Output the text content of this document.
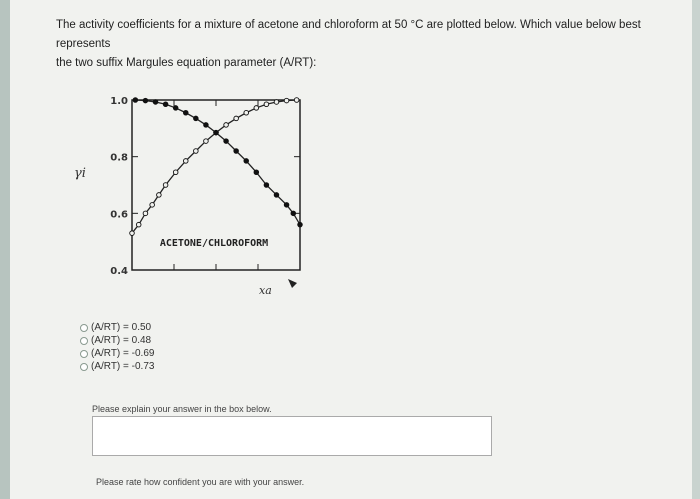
The activity coefficients for a mixture of acetone and chloroform at 50 °C are plotted below. Which value below best represents
the two suffix Margules equation parameter (A/RT):
γi
xa
1.0
0.8
0.6
0.4
ACETONE/CHLOROFORM
(A/RT) = 0.50
(A/RT) = 0.48
(A/RT) = -0.69
(A/RT) = -0.73
Please explain your answer in the box below.
Please rate how confident you are with your answer.
